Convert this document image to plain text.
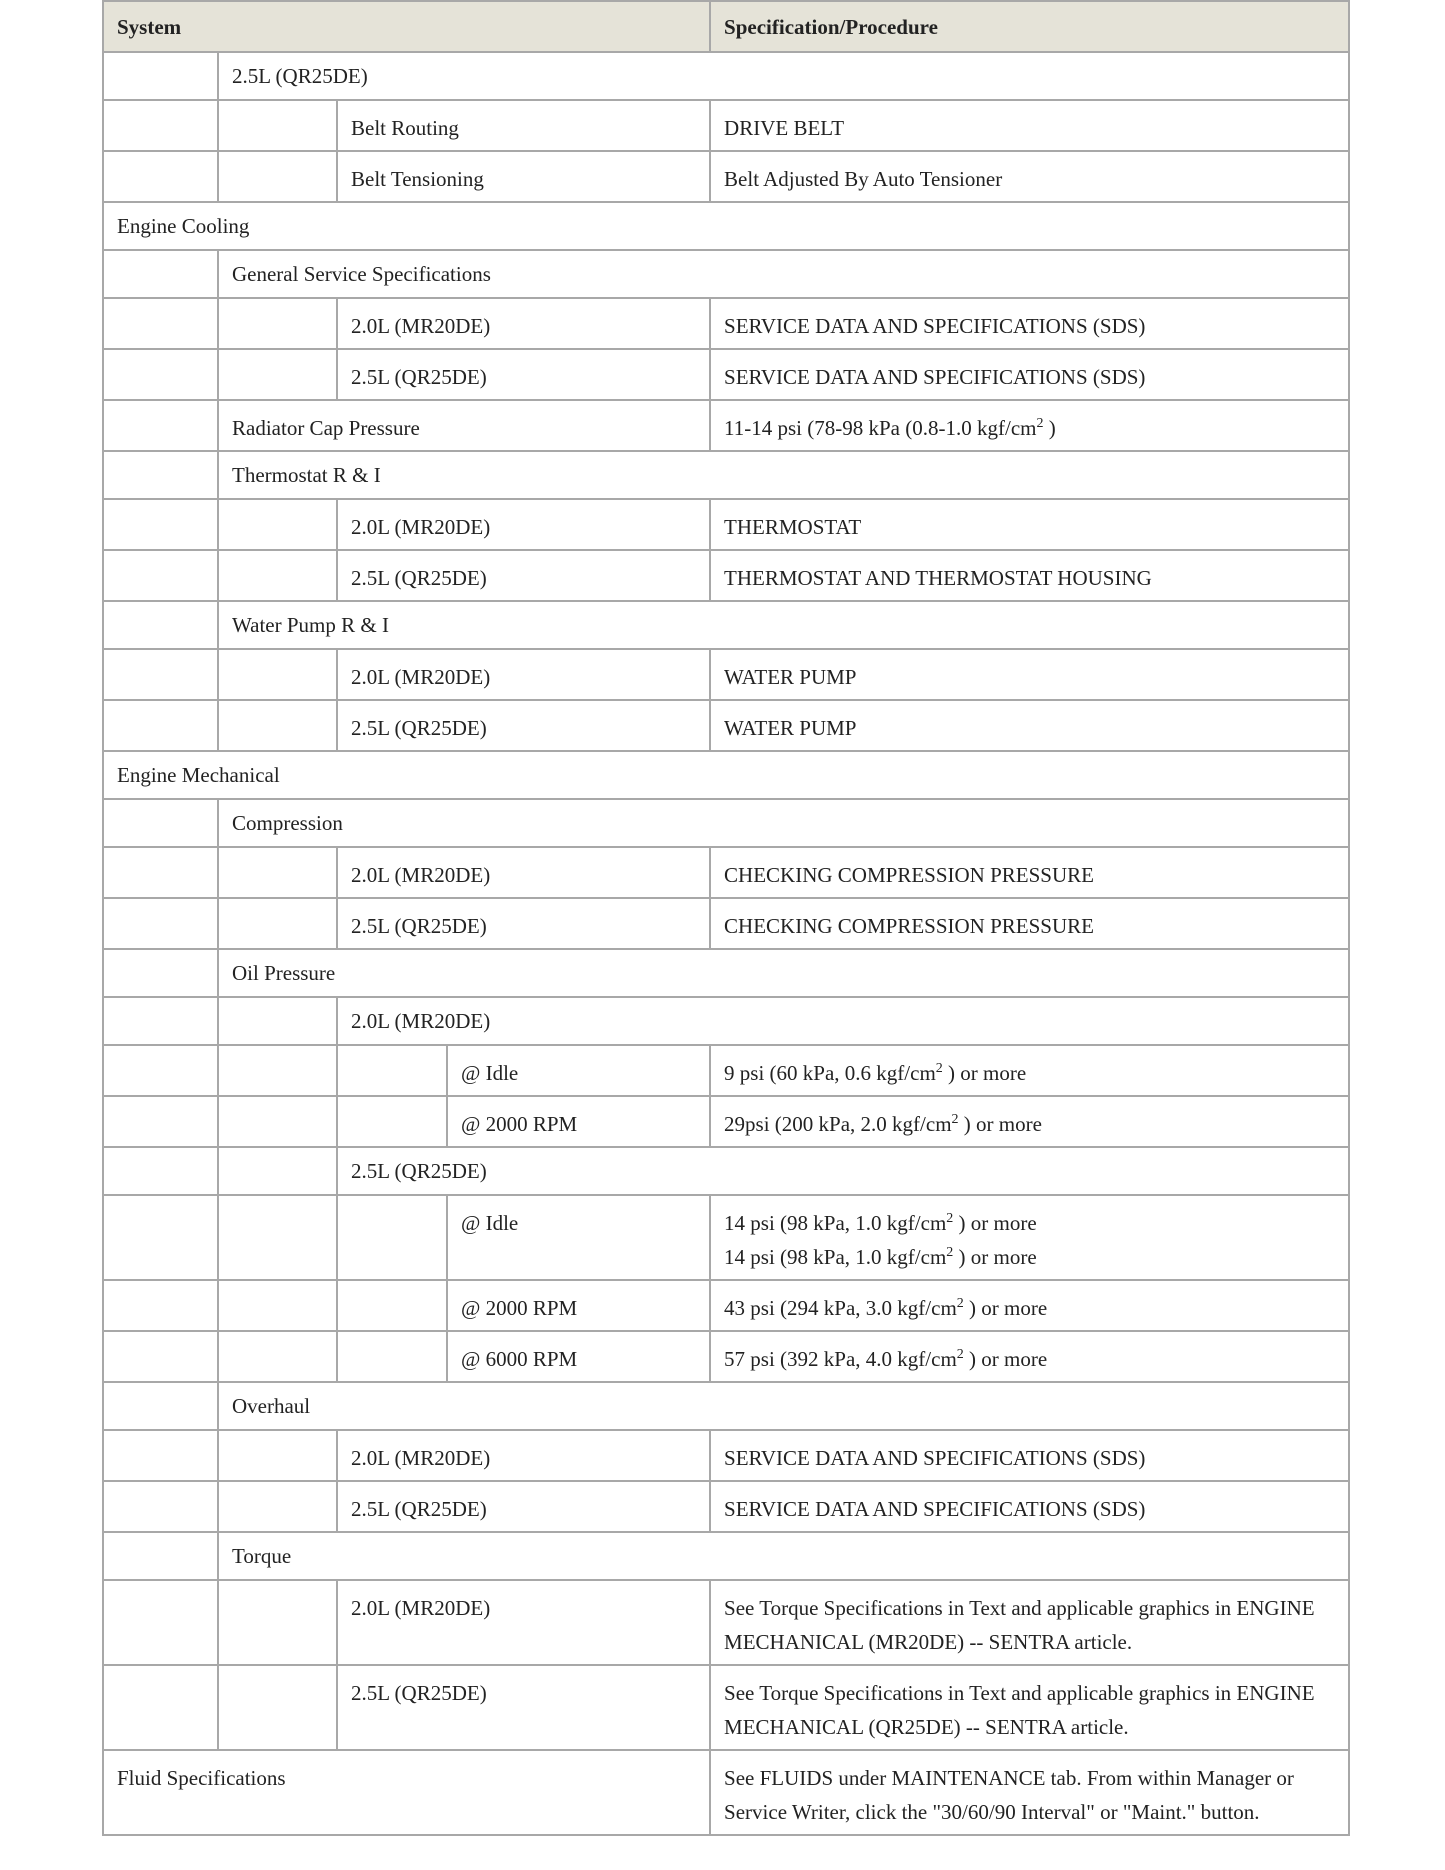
System				Specification/Procedure
	2.5L (QR25DE)			
		Belt Routing		DRIVE BELT

		Belt Tensioning		Belt Adjusted By Auto Tensioner

Engine Cooling				
	General Service Specifications			
		2.0L (MR20DE)		SERVICE DATA AND SPECIFICATIONS (SDS)

		2.5L (QR25DE)		SERVICE DATA AND SPECIFICATIONS (SDS)

	Radiator Cap Pressure			11-14 psi (78-98 kPa (0.8-1.0 kgf/$cm^2$ )

	Thermostat R & I			
		2.0L (MR20DE)		THERMOSTAT

		2.5L (QR25DE)		THERMOSTAT AND THERMOSTAT HOUSING

	Water Pump R & I			
		2.0L (MR20DE)		WATER PUMP

		2.5L (QR25DE)		WATER PUMP

Engine Mechanical				
	Compression			
		2.0L (MR20DE)		CHECKING COMPRESSION PRESSURE

		2.5L (QR25DE)		CHECKING COMPRESSION PRESSURE

	Oil Pressure			
		2.0L (MR20DE)		
			@ Idle	9 psi (60 kPa, 0.6 kgf/$cm^2$ ) or more

			@ 2000 RPM	29psi (200 kPa, 2.0 kgf/$cm^2$ ) or more

		2.5L (QR25DE)		
			@ Idle	14 psi (98 kPa, 1.0 kgf/$cm^2$ ) or more
14 psi (98 kPa, 1.0 kgf/$cm^2$ ) or more

			@ 2000 RPM	43 psi (294 kPa, 3.0 kgf/$cm^2$ ) or more

			@ 6000 RPM	57 psi (392 kPa, 4.0 kgf/$cm^2$ ) or more

	Overhaul			
		2.0L (MR20DE)		SERVICE DATA AND SPECIFICATIONS (SDS)

		2.5L (QR25DE)		SERVICE DATA AND SPECIFICATIONS (SDS)

	Torque			
		2.0L (MR20DE)		See Torque Specifications in Text and applicable graphics in ENGINE MECHANICAL (MR20DE) -- SENTRA article.

		2.5L (QR25DE)		See Torque Specifications in Text and applicable graphics in ENGINE MECHANICAL (QR25DE) -- SENTRA article.

Fluid Specifications				See FLUIDS under MAINTENANCE tab. From within Manager or Service Writer, click the "30/60/90 Interval" or "Maint." button.
